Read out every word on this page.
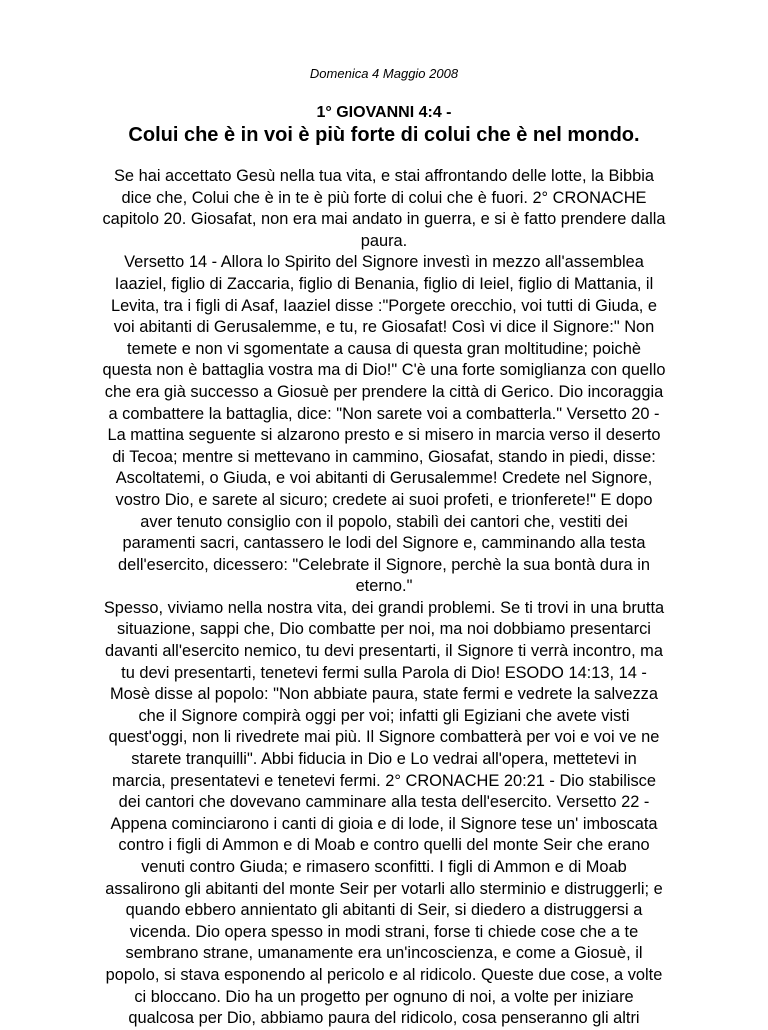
Domenica 4 Maggio 2008
1° GIOVANNI 4:4 -
Colui che è in voi è più forte di colui che è nel mondo.
Se hai accettato Gesù nella tua vita, e stai affrontando delle lotte, la Bibbia
dice che, Colui che è in te è più forte di colui che è fuori. 2° CRONACHE
capitolo 20. Giosafat, non era mai andato in guerra, e si è fatto prendere dalla
paura.
Versetto 14 - Allora lo Spirito del Signore investì in mezzo all'assemblea
Iaaziel, figlio di Zaccaria, figlio di Benania, figlio di Ieiel, figlio di Mattania, il
Levita, tra i figli di Asaf, Iaaziel disse :"Porgete orecchio, voi tutti di Giuda, e
voi abitanti di Gerusalemme, e tu, re Giosafat! Così vi dice il Signore:" Non
temete e non vi sgomentate a causa di questa gran moltitudine; poichè
questa non è battaglia vostra ma di Dio!" C'è una forte somiglianza con quello
che era già successo a Giosuè per prendere la città di Gerico. Dio incoraggia
a combattere la battaglia, dice: "Non sarete voi a combatterla." Versetto 20 -
La mattina seguente si alzarono presto e si misero in marcia verso il deserto
di Tecoa; mentre si mettevano in cammino, Giosafat, stando in piedi, disse:
Ascoltatemi, o Giuda, e voi abitanti di Gerusalemme! Credete nel Signore,
vostro Dio, e sarete al sicuro; credete ai suoi profeti, e trionferete!" E dopo
aver tenuto consiglio con il popolo, stabilì dei cantori che, vestiti dei
paramenti sacri, cantassero le lodi del Signore e, camminando alla testa
dell'esercito, dicessero: "Celebrate il Signore, perchè la sua bontà dura in
eterno."
Spesso, viviamo nella nostra vita, dei grandi problemi. Se ti trovi in una brutta
situazione, sappi che, Dio combatte per noi, ma noi dobbiamo presentarci
davanti all'esercito nemico, tu devi presentarti, il Signore ti verrà incontro, ma
tu devi presentarti, tenetevi fermi sulla Parola di Dio! ESODO 14:13, 14 -
Mosè disse al popolo: "Non abbiate paura, state fermi e vedrete la salvezza
che il Signore compirà oggi per voi; infatti gli Egiziani che avete visti
quest'oggi, non li rivedrete mai più. Il Signore combatterà per voi e voi ve ne
starete tranquilli". Abbi fiducia in Dio e Lo vedrai all'opera, mettetevi in
marcia, presentatevi e tenetevi fermi. 2° CRONACHE 20:21 - Dio stabilisce
dei cantori che dovevano camminare alla testa dell'esercito. Versetto 22 -
Appena cominciarono i canti di gioia e di lode, il Signore tese un' imboscata
contro i figli di Ammon e di Moab e contro quelli del monte Seir che erano
venuti contro Giuda; e rimasero sconfitti. I figli di Ammon e di Moab
assalirono gli abitanti del monte Seir per votarli allo sterminio e distruggerli; e
quando ebbero annientato gli abitanti di Seir, si diedero a distruggersi a
vicenda. Dio opera spesso in modi strani, forse ti chiede cose che a te
sembrano strane, umanamente era un'incoscienza, e come a Giosuè, il
popolo, si stava esponendo al pericolo e al ridicolo. Queste due cose, a volte
ci bloccano. Dio ha un progetto per ognuno di noi, a volte per iniziare
qualcosa per Dio, abbiamo paura del ridicolo, cosa penseranno gli altri
